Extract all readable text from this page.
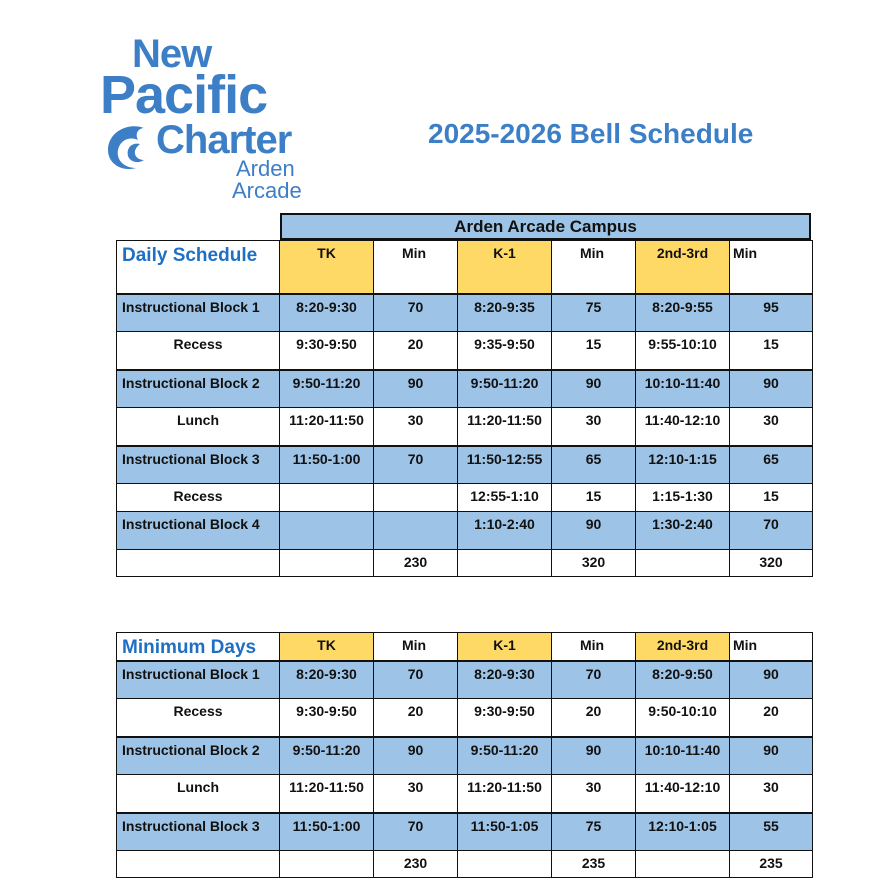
New
Pacific
Charter
Arden
Arcade
2025-2026 Bell Schedule
Arden Arcade Campus
Daily Schedule	TK	Min	K-1	Min	2nd-3rd	Min
Instructional Block 1	8:20-9:30	70	8:20-9:35	75	8:20-9:55	95
Recess	9:30-9:50	20	9:35-9:50	15	9:55-10:10	15
Instructional Block 2	9:50-11:20	90	9:50-11:20	90	10:10-11:40	90
Lunch	11:20-11:50	30	11:20-11:50	30	11:40-12:10	30
Instructional Block 3	11:50-1:00	70	11:50-12:55	65	12:10-1:15	65
Recess			12:55-1:10	15	1:15-1:30	15
Instructional Block 4			1:10-2:40	90	1:30-2:40	70
		230		320		320
Minimum Days	TK	Min	K-1	Min	2nd-3rd	Min
Instructional Block 1	8:20-9:30	70	8:20-9:30	70	8:20-9:50	90
Recess	9:30-9:50	20	9:30-9:50	20	9:50-10:10	20
Instructional Block 2	9:50-11:20	90	9:50-11:20	90	10:10-11:40	90
Lunch	11:20-11:50	30	11:20-11:50	30	11:40-12:10	30
Instructional Block 3	11:50-1:00	70	11:50-1:05	75	12:10-1:05	55
		230		235		235
